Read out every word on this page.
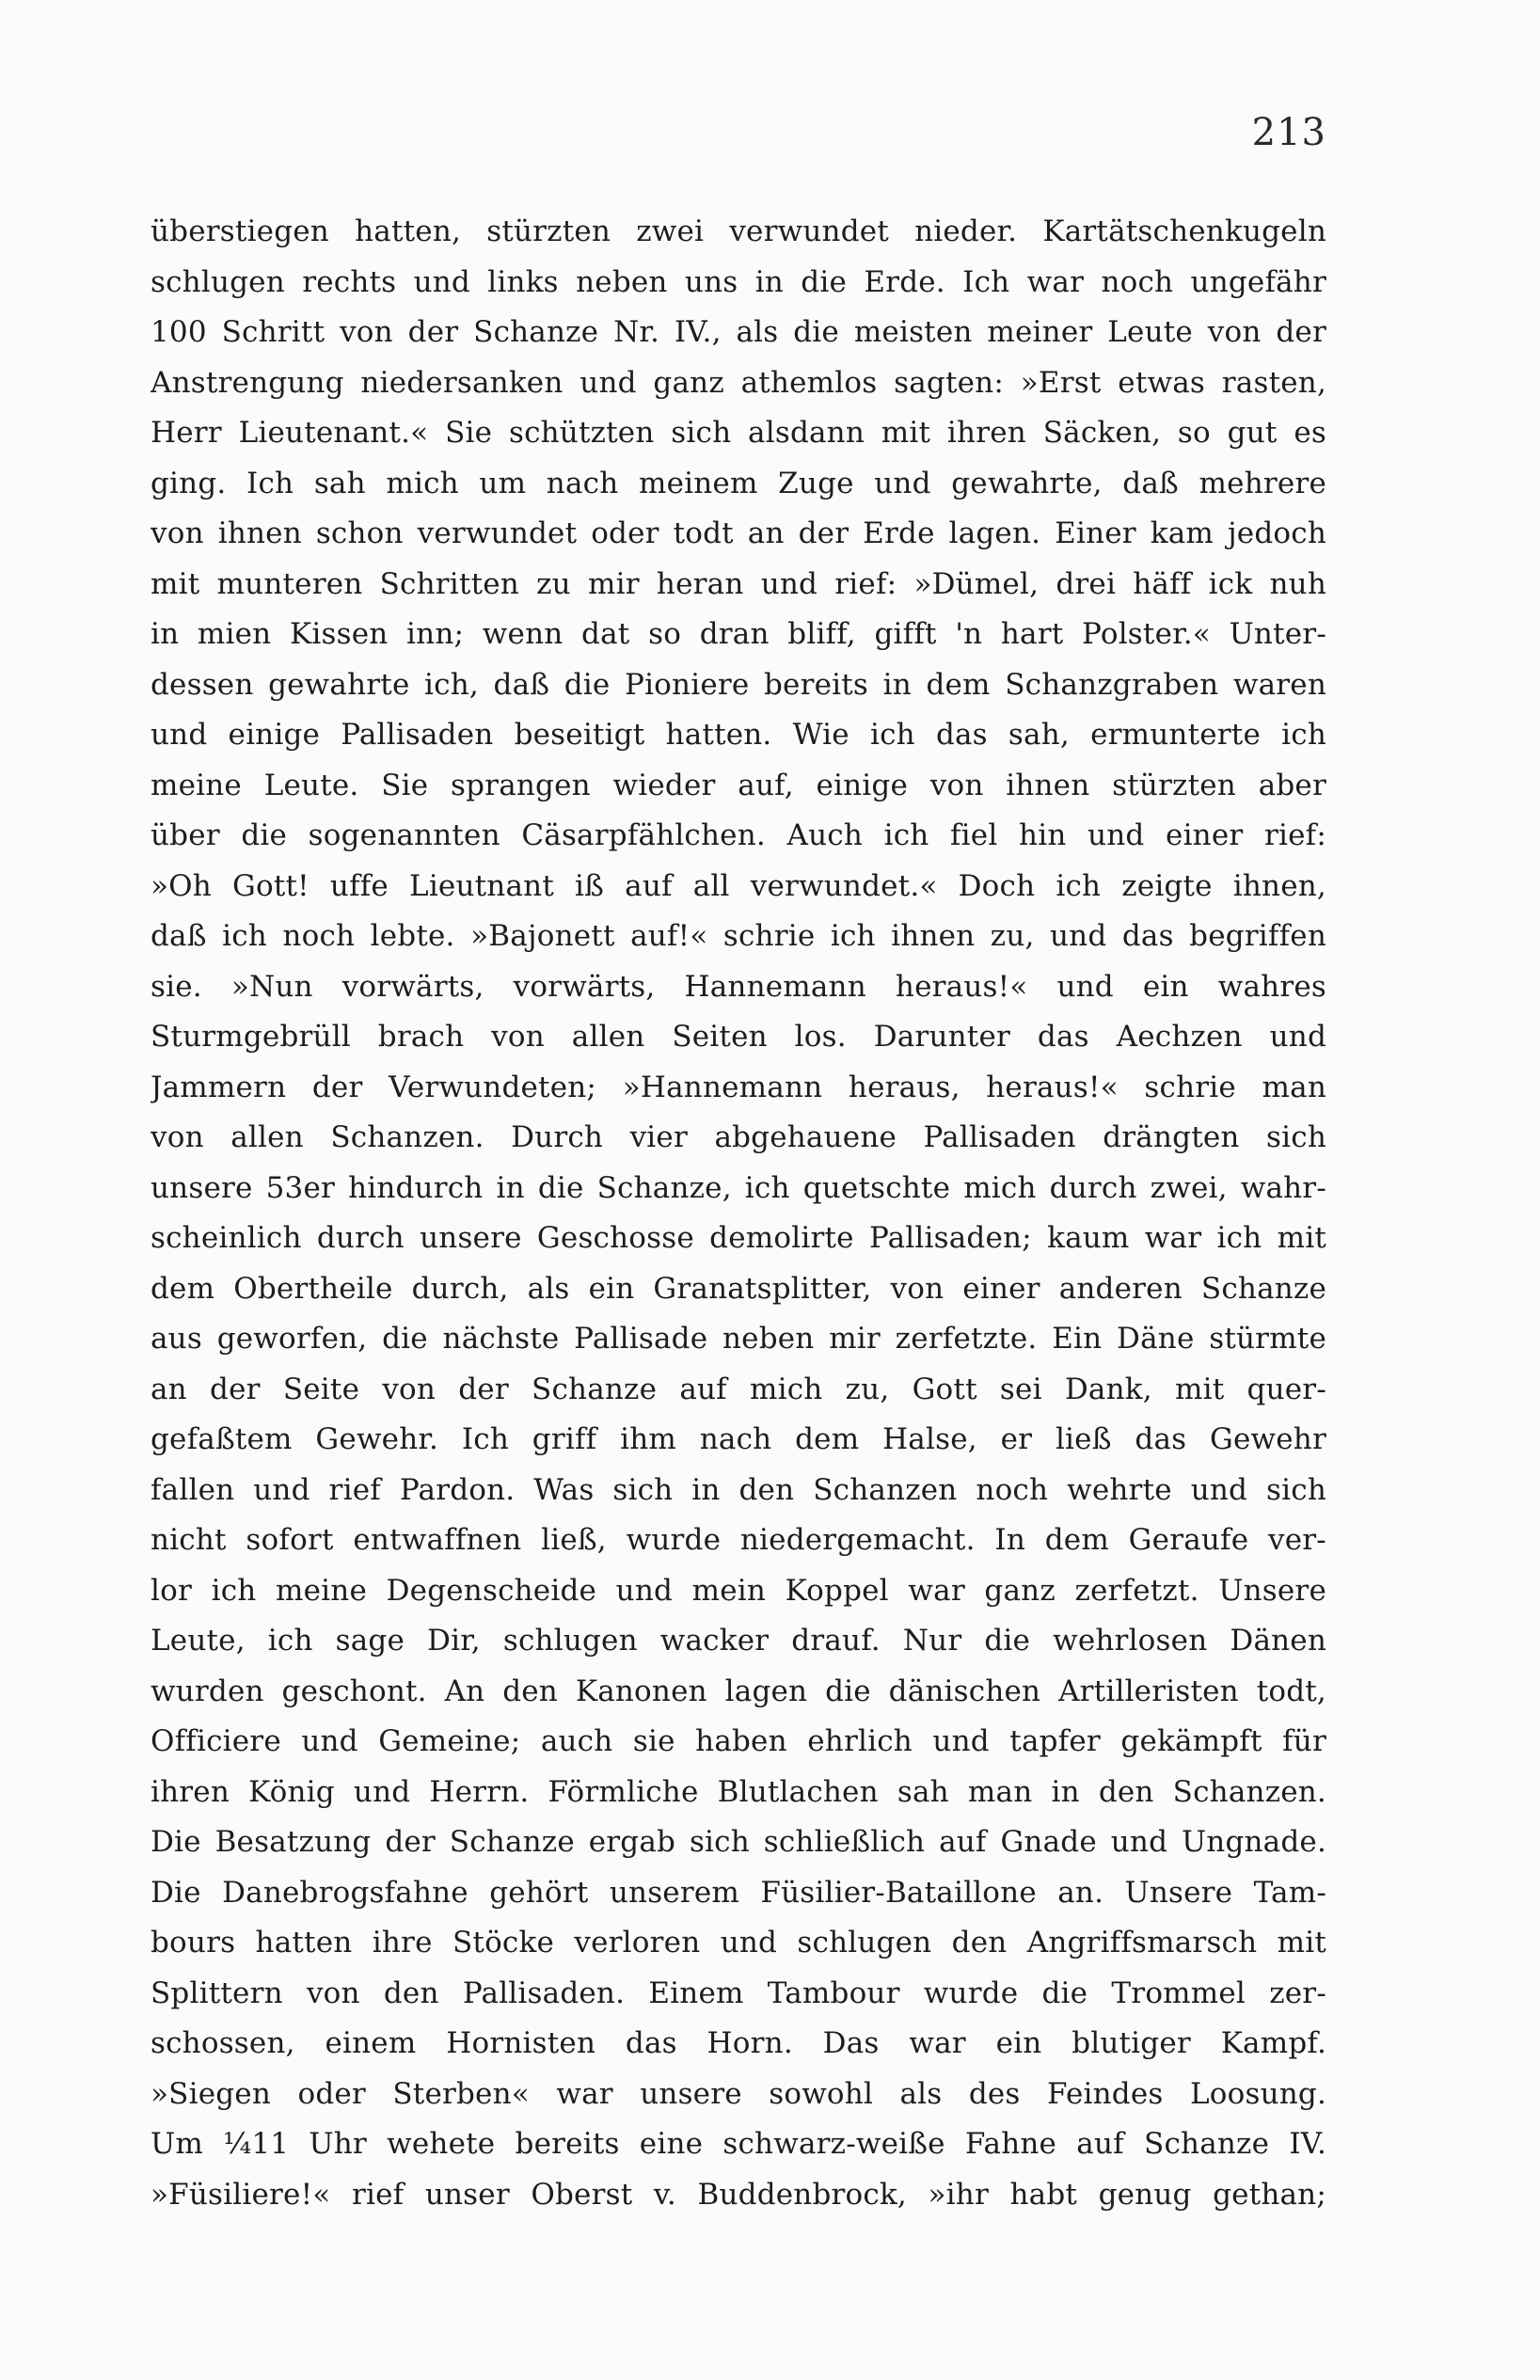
213
überstiegen hatten, stürzten zwei verwundet nieder. Kartätschenkugeln
schlugen rechts und links neben uns in die Erde. Ich war noch ungefähr
100 Schritt von der Schanze Nr. IV., als die meisten meiner Leute von der
Anstrengung niedersanken und ganz athemlos sagten: »Erst etwas rasten,
Herr Lieutenant.« Sie schützten sich alsdann mit ihren Säcken, so gut es
ging. Ich sah mich um nach meinem Zuge und gewahrte, daß mehrere
von ihnen schon verwundet oder todt an der Erde lagen. Einer kam jedoch
mit munteren Schritten zu mir heran und rief: »Dümel, drei häff ick nuh
in mien Kissen inn; wenn dat so dran bliff, gifft 'n hart Polster.« Unter-
dessen gewahrte ich, daß die Pioniere bereits in dem Schanzgraben waren
und einige Pallisaden beseitigt hatten. Wie ich das sah, ermunterte ich
meine Leute. Sie sprangen wieder auf, einige von ihnen stürzten aber
über die sogenannten Cäsarpfählchen. Auch ich fiel hin und einer rief:
»Oh Gott! uffe Lieutnant iß auf all verwundet.« Doch ich zeigte ihnen,
daß ich noch lebte. »Bajonett auf!« schrie ich ihnen zu, und das begriffen
sie. »Nun vorwärts, vorwärts, Hannemann heraus!« und ein wahres
Sturmgebrüll brach von allen Seiten los. Darunter das Aechzen und
Jammern der Verwundeten; »Hannemann heraus, heraus!« schrie man
von allen Schanzen. Durch vier abgehauene Pallisaden drängten sich
unsere 53er hindurch in die Schanze, ich quetschte mich durch zwei, wahr-
scheinlich durch unsere Geschosse demolirte Pallisaden; kaum war ich mit
dem Obertheile durch, als ein Granatsplitter, von einer anderen Schanze
aus geworfen, die nächste Pallisade neben mir zerfetzte. Ein Däne stürmte
an der Seite von der Schanze auf mich zu, Gott sei Dank, mit quer-
gefaßtem Gewehr. Ich griff ihm nach dem Halse, er ließ das Gewehr
fallen und rief Pardon. Was sich in den Schanzen noch wehrte und sich
nicht sofort entwaffnen ließ, wurde niedergemacht. In dem Geraufe ver-
lor ich meine Degenscheide und mein Koppel war ganz zerfetzt. Unsere
Leute, ich sage Dir, schlugen wacker drauf. Nur die wehrlosen Dänen
wurden geschont. An den Kanonen lagen die dänischen Artilleristen todt,
Officiere und Gemeine; auch sie haben ehrlich und tapfer gekämpft für
ihren König und Herrn. Förmliche Blutlachen sah man in den Schanzen.
Die Besatzung der Schanze ergab sich schließlich auf Gnade und Ungnade.
Die Danebrogsfahne gehört unserem Füsilier-Bataillone an. Unsere Tam-
bours hatten ihre Stöcke verloren und schlugen den Angriffsmarsch mit
Splittern von den Pallisaden. Einem Tambour wurde die Trommel zer-
schossen, einem Hornisten das Horn. Das war ein blutiger Kampf.
»Siegen oder Sterben« war unsere sowohl als des Feindes Loosung.
Um ¼11 Uhr wehete bereits eine schwarz-weiße Fahne auf Schanze IV.
»Füsiliere!« rief unser Oberst v. Buddenbrock, »ihr habt genug gethan;
